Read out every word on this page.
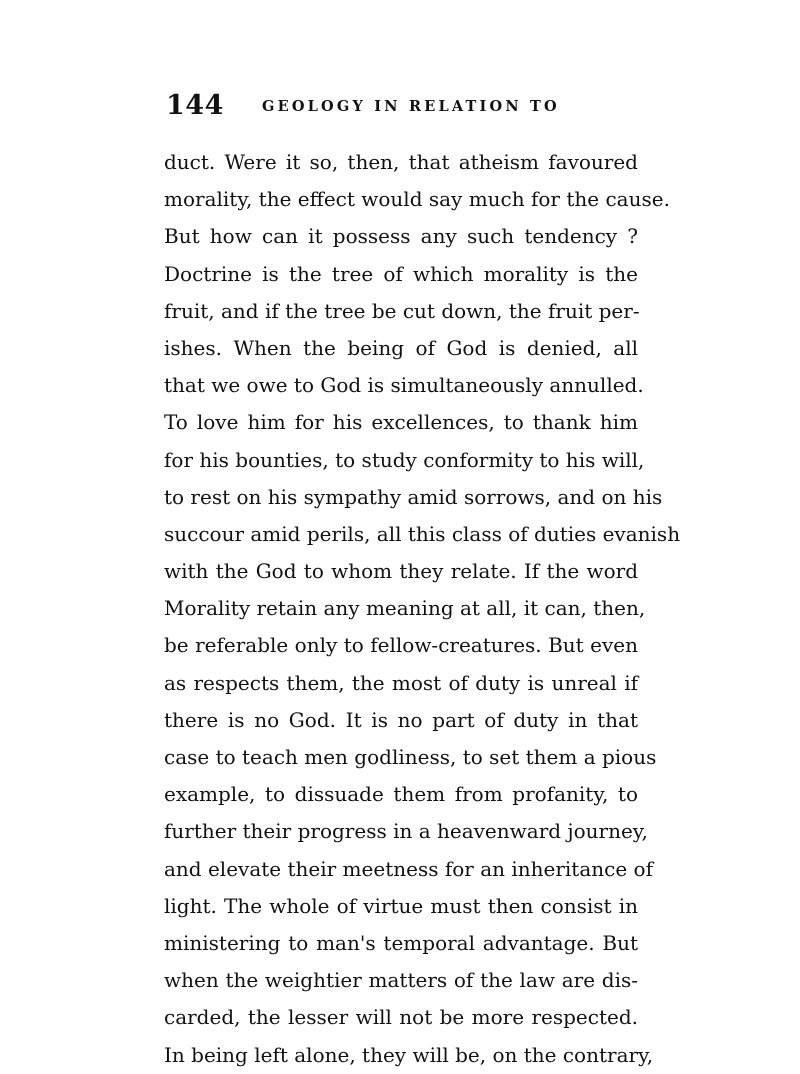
144	GEOLOGY IN RELATION TO
duct. Were it so, then, that atheism favoured
morality, the effect would say much for the cause.
But how can it possess any such tendency ?
Doctrine is the tree of which morality is the
fruit, and if the tree be cut down, the fruit per-
ishes. When the being of God is denied, all
that we owe to God is simultaneously annulled.
To love him for his excellences, to thank him
for his bounties, to study conformity to his will,
to rest on his sympathy amid sorrows, and on his
succour amid perils, all this class of duties evanish
with the God to whom they relate. If the word
Morality retain any meaning at all, it can, then,
be referable only to fellow-creatures. But even
as respects them, the most of duty is unreal if
there is no God. It is no part of duty in that
case to teach men godliness, to set them a pious
example, to dissuade them from profanity, to
further their progress in a heavenward journey,
and elevate their meetness for an inheritance of
light. The whole of virtue must then consist in
ministering to man's temporal advantage. But
when the weightier matters of the law are dis-
carded, the lesser will not be more respected.
In being left alone, they will be, on the contrary,
